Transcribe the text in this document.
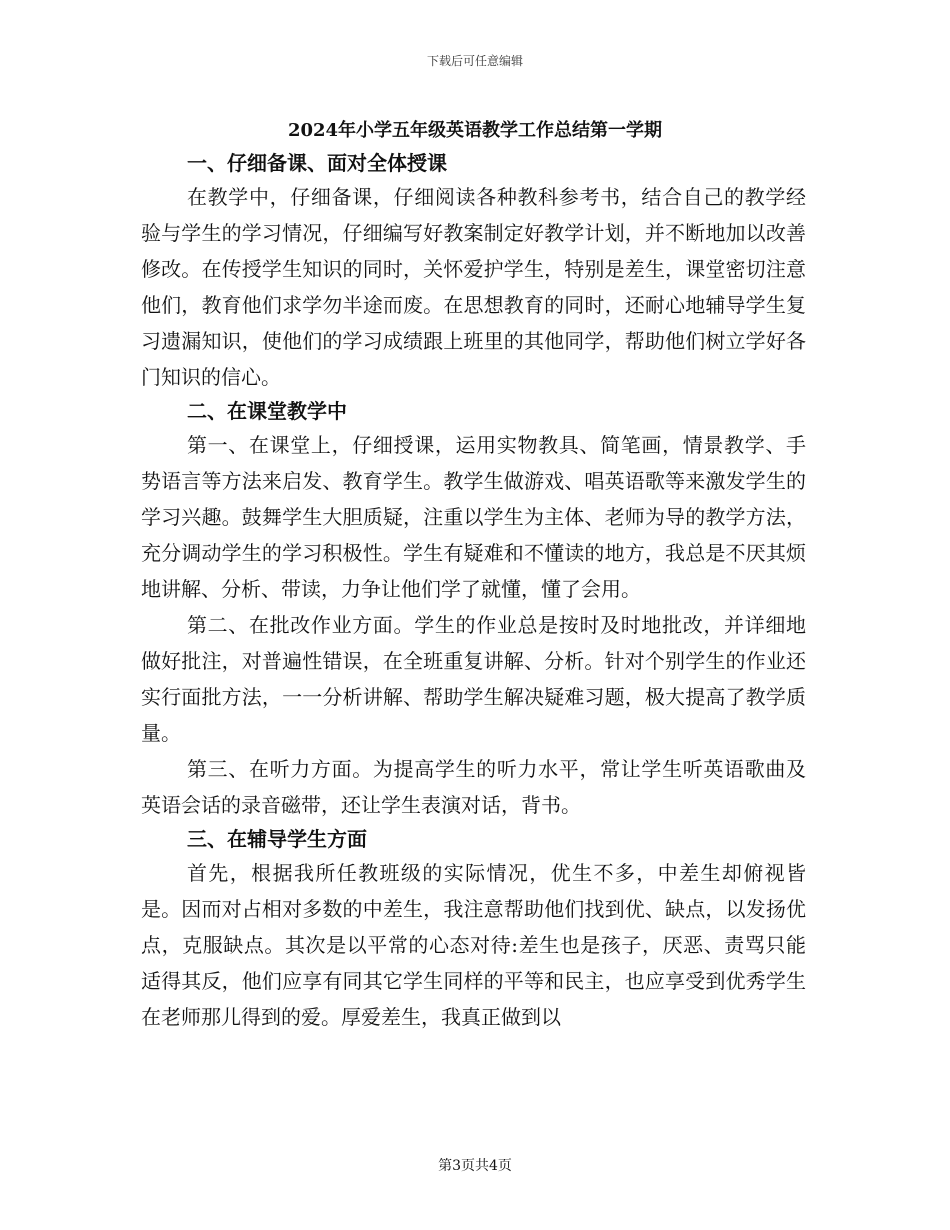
下载后可任意编辑
2024年小学五年级英语教学工作总结第一学期
一、仔细备课、面对全体授课

在教学中，仔细备课，仔细阅读各种教科参考书，结合自己的教学经验与学生的学习情况，仔细编写好教案制定好教学计划，并不断地加以改善修改。在传授学生知识的同时，关怀爱护学生，特别是差生，课堂密切注意他们，教育他们求学勿半途而废。在思想教育的同时，还耐心地辅导学生复习遗漏知识，使他们的学习成绩跟上班里的其他同学，帮助他们树立学好各门知识的信心。

二、在课堂教学中

第一、在课堂上，仔细授课，运用实物教具、简笔画，情景教学、手势语言等方法来启发、教育学生。教学生做游戏、唱英语歌等来激发学生的学习兴趣。鼓舞学生大胆质疑，注重以学生为主体、老师为导的教学方法，充分调动学生的学习积极性。学生有疑难和不懂读的地方，我总是不厌其烦地讲解、分析、带读，力争让他们学了就懂，懂了会用。

第二、在批改作业方面。学生的作业总是按时及时地批改，并详细地做好批注，对普遍性错误，在全班重复讲解、分析。针对个别学生的作业还实行面批方法，一一分析讲解、帮助学生解决疑难习题，极大提高了教学质量。

第三、在听力方面。为提高学生的听力水平，常让学生听英语歌曲及英语会话的录音磁带，还让学生表演对话，背书。

三、在辅导学生方面

首先，根据我所任教班级的实际情况，优生不多，中差生却俯视皆是。因而对占相对多数的中差生，我注意帮助他们找到优、缺点，以发扬优点，克服缺点。其次是以平常的心态对待:差生也是孩子，厌恶、责骂只能适得其反，他们应享有同其它学生同样的平等和民主，也应享受到优秀学生在老师那儿得到的爱。厚爱差生，我真正做到以

第3页共4页
